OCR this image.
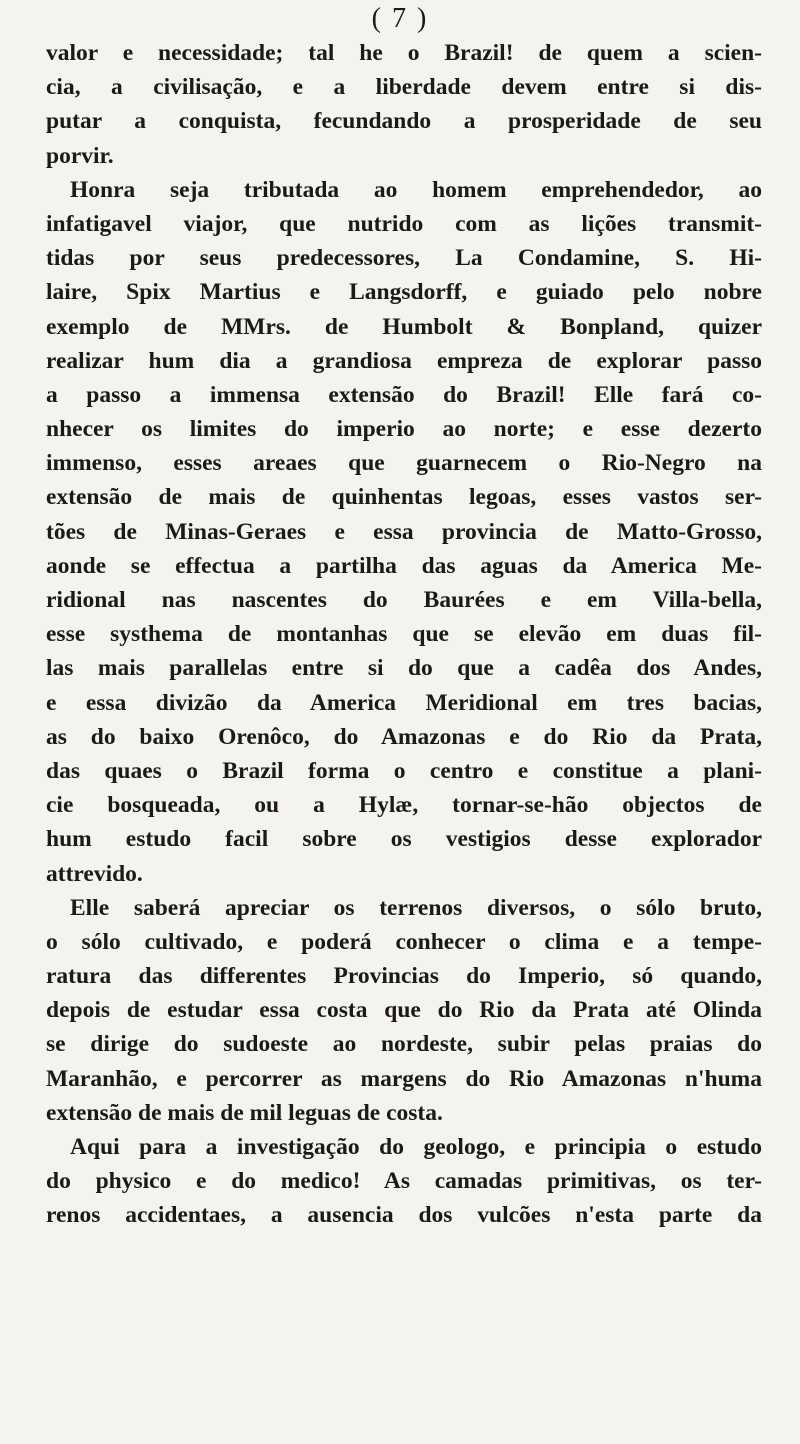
( 7 )
valor e necessidade; tal he o Brazil! de quem a scien-
cia, a civilisação, e a liberdade devem entre si dis-
putar a conquista, fecundando a prosperidade de seu
porvir.
Honra seja tributada ao homem emprehendedor, ao
infatigavel viajor, que nutrido com as lições transmit-
tidas por seus predecessores, La Condamine, S. Hi-
laire, Spix Martius e Langsdorff, e guiado pelo nobre
exemplo de MMrs. de Humbolt & Bonpland, quizer
realizar hum dia a grandiosa empreza de explorar passo
a passo a immensa extensão do Brazil! Elle fará co-
nhecer os limites do imperio ao norte; e esse dezerto
immenso, esses areaes que guarnecem o Rio-Negro na
extensão de mais de quinhentas legoas, esses vastos ser-
tões de Minas-Geraes e essa provincia de Matto-Grosso,
aonde se effectua a partilha das aguas da America Me-
ridional nas nascentes do Baurées e em Villa-bella,
esse systhema de montanhas que se elevão em duas fil-
las mais parallelas entre si do que a cadêa dos Andes,
e essa divizão da America Meridional em tres bacias,
as do baixo Orenôco, do Amazonas e do Rio da Prata,
das quaes o Brazil forma o centro e constitue a plani-
cie bosqueada, ou a Hylæ, tornar-se-hão objectos de
hum estudo facil sobre os vestigios desse explorador
attrevido.
Elle saberá apreciar os terrenos diversos, o sólo bruto,
o sólo cultivado, e poderá conhecer o clima e a tempe-
ratura das differentes Provincias do Imperio, só quando,
depois de estudar essa costa que do Rio da Prata até Olinda
se dirige do sudoeste ao nordeste, subir pelas praias do
Maranhão, e percorrer as margens do Rio Amazonas n'huma
extensão de mais de mil leguas de costa.
Aqui para a investigação do geologo, e principia o estudo
do physico e do medico! As camadas primitivas, os ter-
renos accidentaes, a ausencia dos vulcões n'esta parte da
